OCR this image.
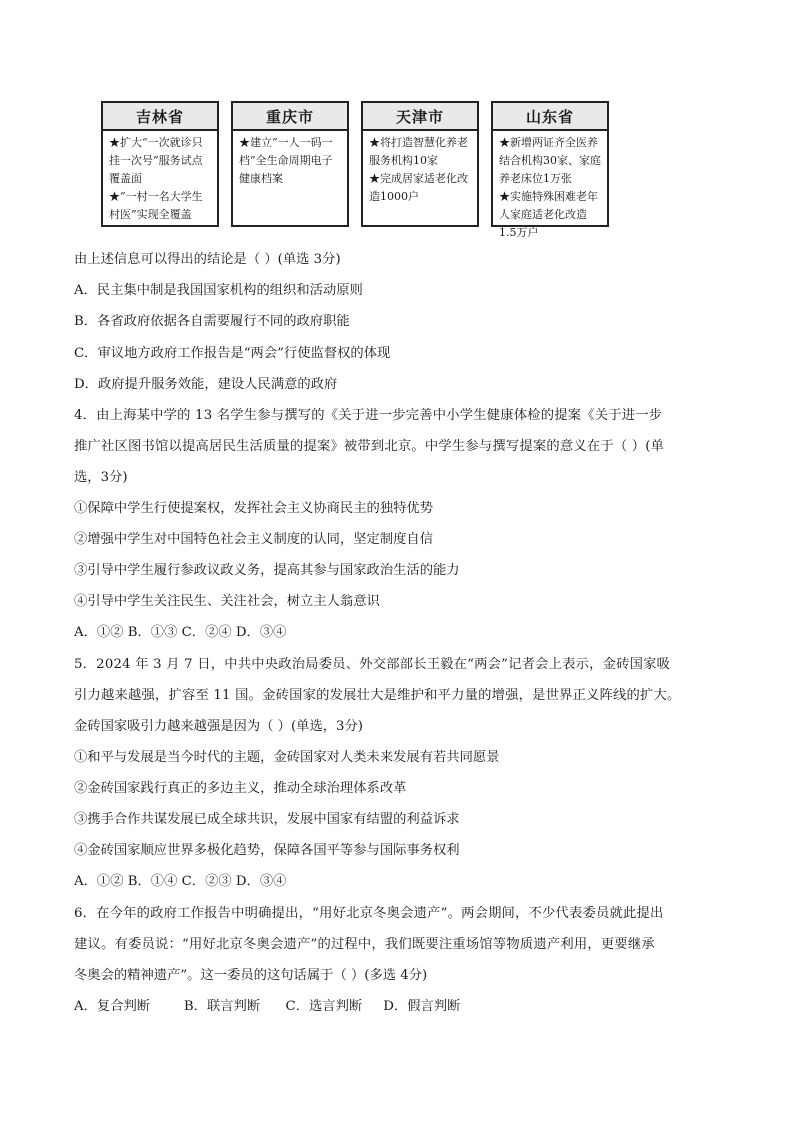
吉林省
★扩大“一次就诊只挂一次号”服务试点覆盖面
★“一村一名大学生村医”实现全覆盖
重庆市
★建立“一人一码一档”全生命周期电子健康档案
天津市
★将打造智慧化养老服务机构10家
★完成居家适老化改造1000户
山东省
★新增两证齐全医养结合机构30家、家庭养老床位1万张
★实施特殊困难老年人家庭适老化改造1.5万户
由上述信息可以得出的结论是（ ）(单选 3分)
A．民主集中制是我国国家机构的组织和活动原则
B．各省政府依据各自需要履行不同的政府职能
C．审议地方政府工作报告是“两会”行使监督权的体现
D．政府提升服务效能，建设人民满意的政府
4．由上海某中学的 13 名学生参与撰写的《关于进一步完善中小学生健康体检的提案《关于进一步
推广社区图书馆以提高居民生活质量的提案》被带到北京。中学生参与撰写提案的意义在于（ ）(单
选，3分)
①保障中学生行使提案权，发挥社会主义协商民主的独特优势
②增强中学生对中国特色社会主义制度的认同，坚定制度自信
③引导中学生履行参政议政义务，提高其参与国家政治生活的能力
④引导中学生关注民生、关注社会，树立主人翁意识
A．①② B．①③ C．②④ D．③④
5．2024 年 3 月 7 日，中共中央政治局委员、外交部部长王毅在“两会”记者会上表示，金砖国家吸
引力越来越强，扩容至 11 国。金砖国家的发展壮大是维护和平力量的增强，是世界正义阵线的扩大。
金砖国家吸引力越来越强是因为（ ）(单选，3分)
①和平与发展是当今时代的主题，金砖国家对人类未来发展有若共同愿景
②金砖国家践行真正的多边主义，推动全球治理体系改革
③携手合作共谋发展已成全球共识，发展中国家有结盟的利益诉求
④金砖国家顺应世界多极化趋势，保障各国平等参与国际事务权利
A．①② B．①④ C．②③ D．③④
6．在今年的政府工作报告中明确提出，“用好北京冬奥会遗产”。两会期间，不少代表委员就此提出
建议。有委员说：“用好北京冬奥会遗产”的过程中，我们既要注重场馆等物质遗产利用，更要继承
冬奥会的精神遗产”。这一委员的这句话属于（ ）(多选 4分)
A．复合判断        B．联言判断      C．选言判断     D．假言判断
